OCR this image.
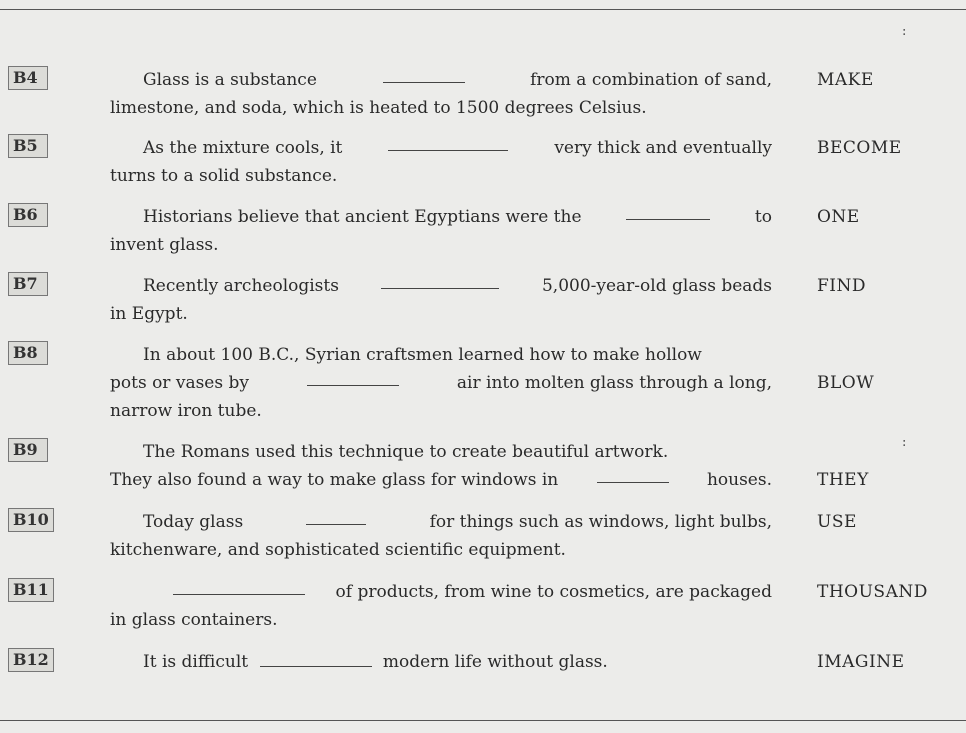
:
:
B4	Glass is a substance	from a combination of sand,
limestone, and soda, which is heated to 1500 degrees Celsius.
MAKE
B5	As the mixture cools, it	very thick and eventually
turns to a solid substance.
BECOME
B6	Historians believe that ancient Egyptians were the	to
invent glass.
ONE
B7	Recently archeologists	5,000-year-old glass beads
in Egypt.
FIND
B8	In about 100 B.C., Syrian craftsmen learned how to make hollow
pots or vases by	air into molten glass through a long,
narrow iron tube.
BLOW
B9	The Romans used this technique to create beautiful artwork.
They also found a way to make glass for windows in	houses.	THEY
B10	Today glass	for things such as windows, light bulbs,
kitchenware, and sophisticated scientific equipment.
USE
B11	of products, from wine to cosmetics, are packaged
in glass containers.
THOUSAND
B12	It is difficult	modern life without glass.	IMAGINE
